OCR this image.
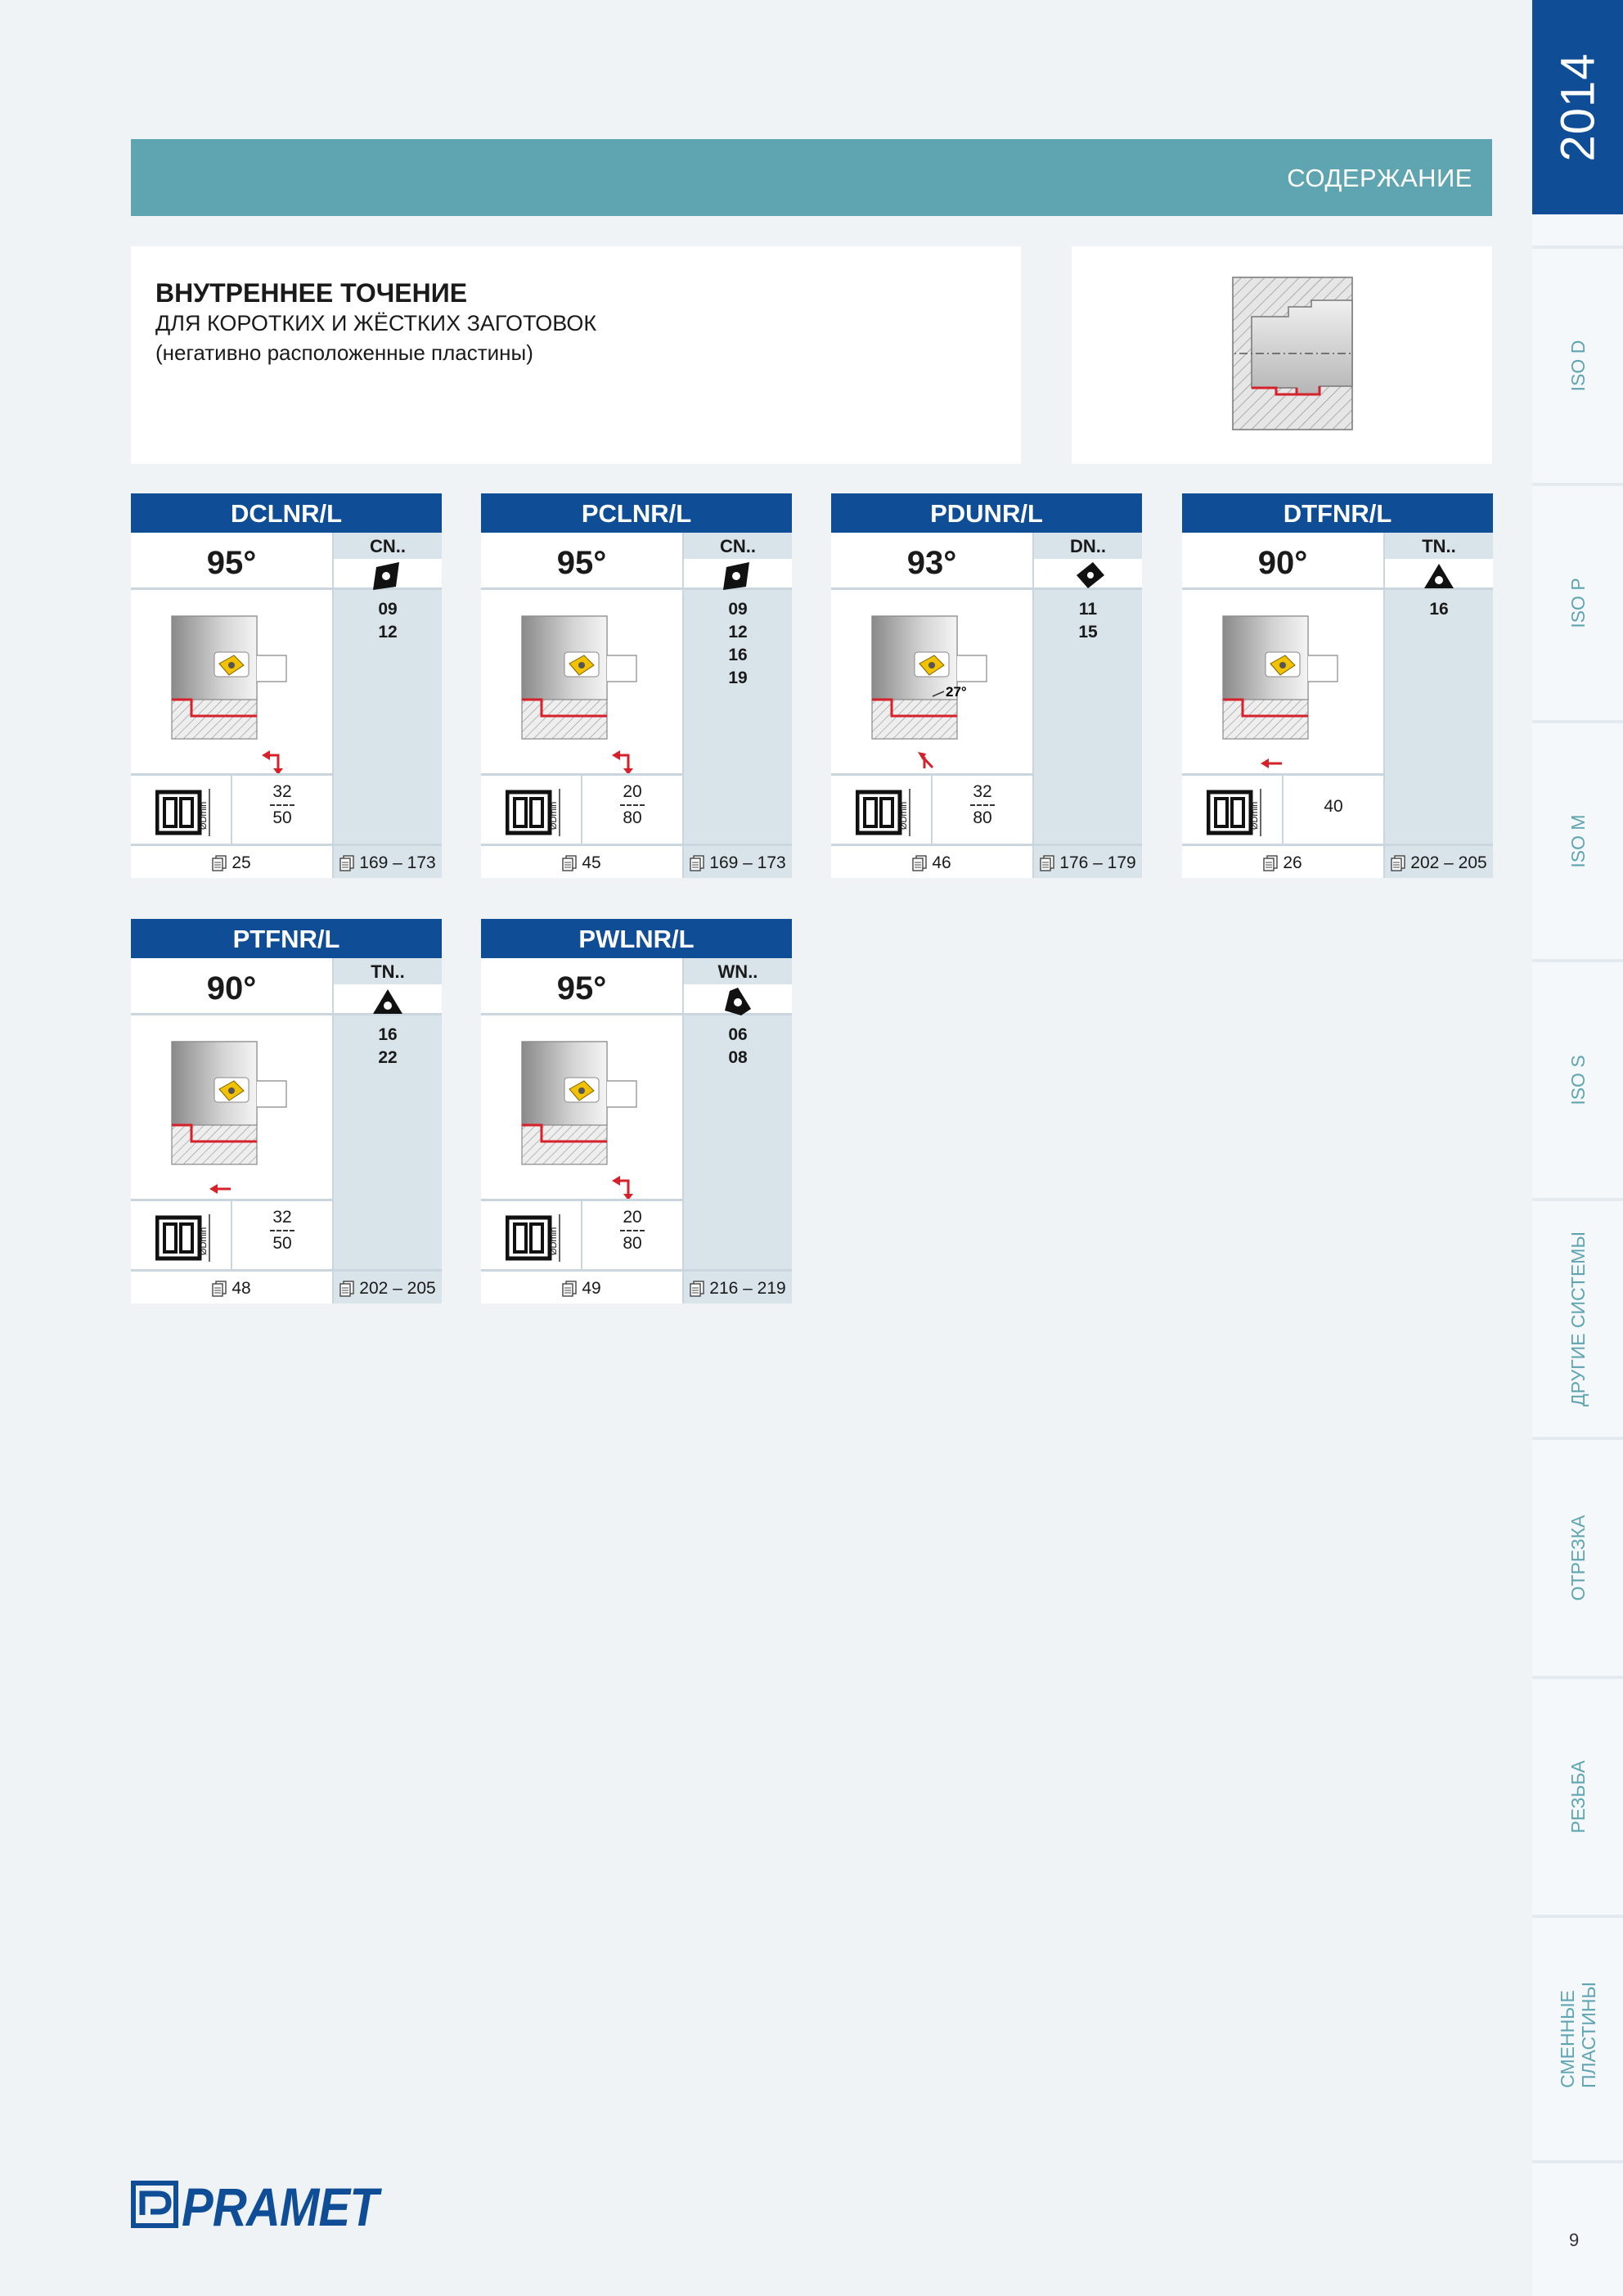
СОДЕРЖАНИЕ
ВНУТРЕННЕЕ ТОЧЕНИЕ
ДЛЯ КОРОТКИХ И ЖЁСТКИХ ЗАГОТОВОК
(негативно расположенные пластины)
DCLNR/L
95°	CN..
09
12
ØDmin
32
50
25	169 – 173
PCLNR/L
95°	CN..
09
12
16
19
ØDmin
20
80
45	169 – 173
PDUNR/L
93°	DN..
11
15
27°
ØDmin
32
80
46	176 – 179
DTFNR/L
90°	TN..
16
ØDmin	40
26	202 – 205
PTFNR/L
90°	TN..
16
22
ØDmin
32
50
48	202 – 205
PWLNR/L
95°	WN..
06
08
ØDmin
20
80
49	216 – 219
2014
ISO D
ISO P
ISO M
ISO S
ДРУГИЕ СИСТЕМЫ
ОТРЕЗКА
РЕЗЬБА
СМЕННЫЕ ПЛАСТИНЫ
9
PRAMET
